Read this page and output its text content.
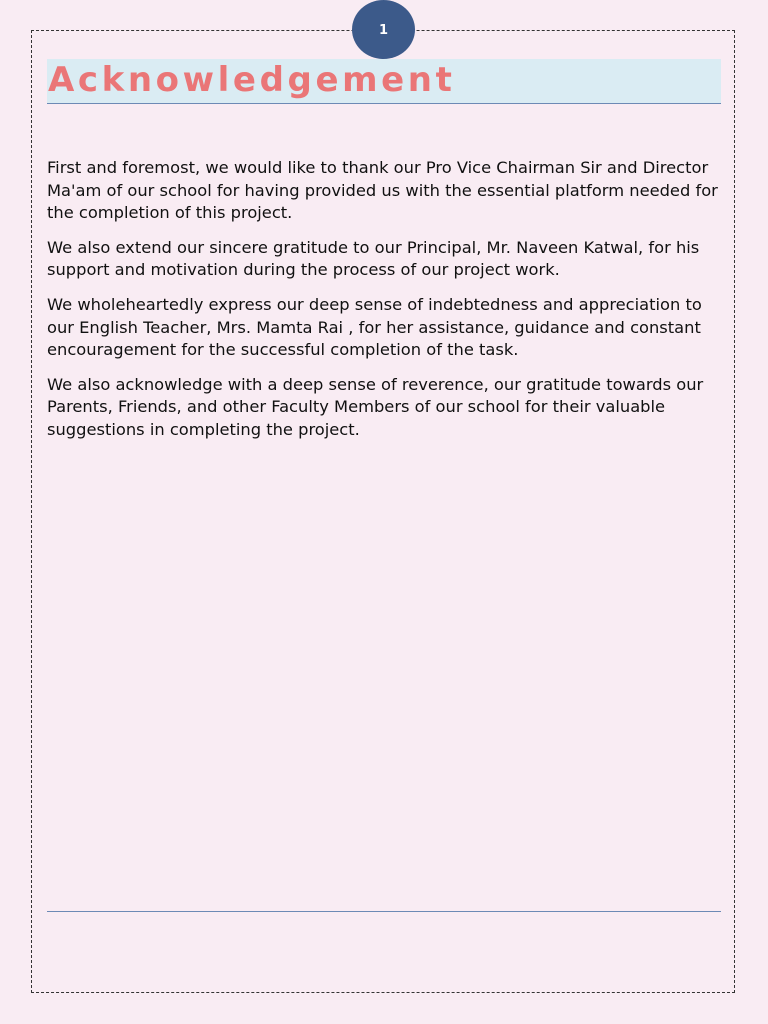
1
Acknowledgement

First and foremost, we would like to thank our Pro Vice Chairman Sir and Director Ma'am of our school for having provided us with the essential platform needed for the completion of this project.

We also extend our sincere gratitude to our Principal, Mr. Naveen Katwal, for his support and motivation during the process of our project work.

We wholeheartedly express our deep sense of indebtedness and appreciation to our English Teacher, Mrs. Mamta Rai , for her assistance, guidance and constant encouragement for the successful completion of the task.

We also acknowledge with a deep sense of reverence, our gratitude towards our Parents, Friends, and other Faculty Members of our school for their valuable suggestions in completing the project.
